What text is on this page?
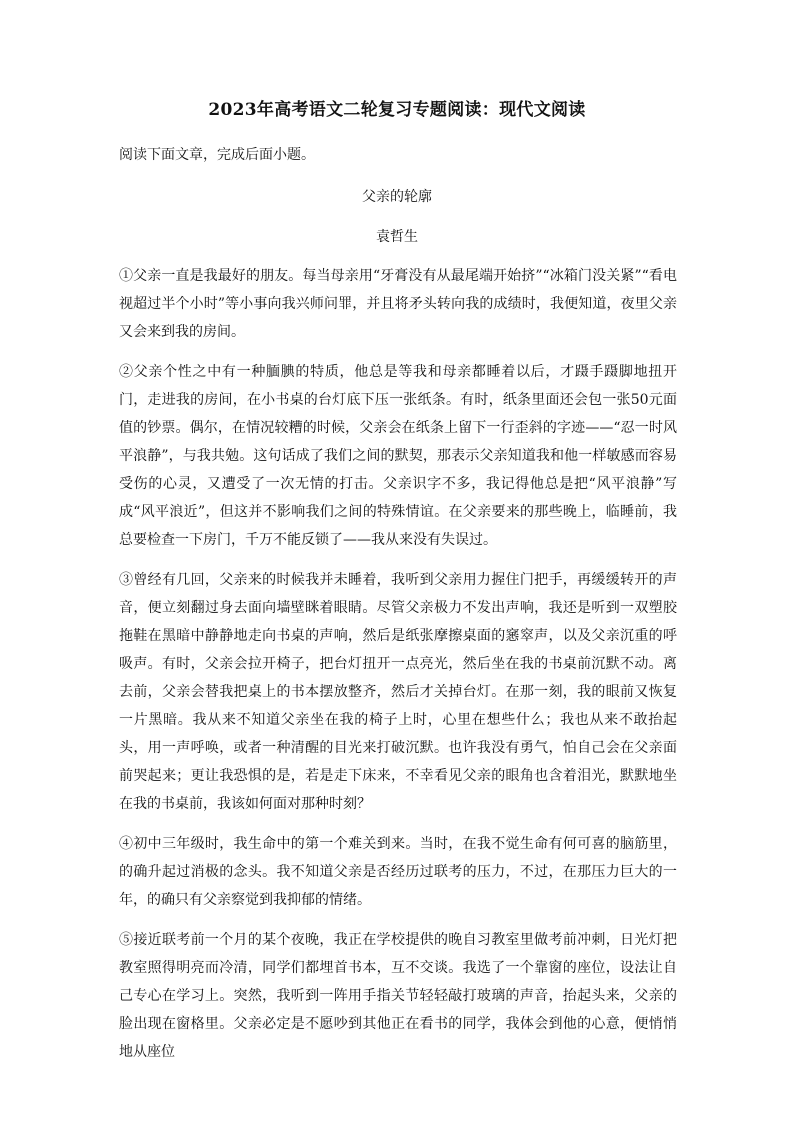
2023年高考语文二轮复习专题阅读：现代文阅读
阅读下面文章，完成后面小题。
父亲的轮廓
袁哲生

①父亲一直是我最好的朋友。每当母亲用“牙膏没有从最尾端开始挤”“冰箱门没关紧”“看电视超过半个小时”等小事向我兴师问罪，并且将矛头转向我的成绩时，我便知道，夜里父亲又会来到我的房间。

②父亲个性之中有一种腼腆的特质，他总是等我和母亲都睡着以后，才蹑手蹑脚地扭开门，走进我的房间，在小书桌的台灯底下压一张纸条。有时，纸条里面还会包一张50元面值的钞票。偶尔，在情况较糟的时候，父亲会在纸条上留下一行歪斜的字迹——“忍一时风平浪静”，与我共勉。这句话成了我们之间的默契，那表示父亲知道我和他一样敏感而容易受伤的心灵，又遭受了一次无情的打击。父亲识字不多，我记得他总是把“风平浪静”写成“风平浪近”，但这并不影响我们之间的特殊情谊。在父亲要来的那些晚上，临睡前，我总要检查一下房门，千万不能反锁了——我从来没有失误过。

③曾经有几回，父亲来的时候我并未睡着，我听到父亲用力握住门把手，再缓缓转开的声音，便立刻翻过身去面向墙壁眯着眼睛。尽管父亲极力不发出声响，我还是听到一双塑胶拖鞋在黑暗中静静地走向书桌的声响，然后是纸张摩擦桌面的窸窣声，以及父亲沉重的呼吸声。有时，父亲会拉开椅子，把台灯扭开一点亮光，然后坐在我的书桌前沉默不动。离去前，父亲会替我把桌上的书本摆放整齐，然后才关掉台灯。在那一刻，我的眼前又恢复一片黑暗。我从来不知道父亲坐在我的椅子上时，心里在想些什么；我也从来不敢抬起头，用一声呼唤，或者一种清醒的目光来打破沉默。也许我没有勇气，怕自己会在父亲面前哭起来；更让我恐惧的是，若是走下床来，不幸看见父亲的眼角也含着泪光，默默地坐在我的书桌前，我该如何面对那种时刻？

④初中三年级时，我生命中的第一个难关到来。当时，在我不觉生命有何可喜的脑筋里，的确升起过消极的念头。我不知道父亲是否经历过联考的压力，不过，在那压力巨大的一年，的确只有父亲察觉到我抑郁的情绪。

⑤接近联考前一个月的某个夜晚，我正在学校提供的晚自习教室里做考前冲刺，日光灯把教室照得明亮而冷清，同学们都埋首书本，互不交谈。我选了一个靠窗的座位，设法让自己专心在学习上。突然，我听到一阵用手指关节轻轻敲打玻璃的声音，抬起头来，父亲的脸出现在窗格里。父亲必定是不愿吵到其他正在看书的同学，我体会到他的心意，便悄悄地从座位
